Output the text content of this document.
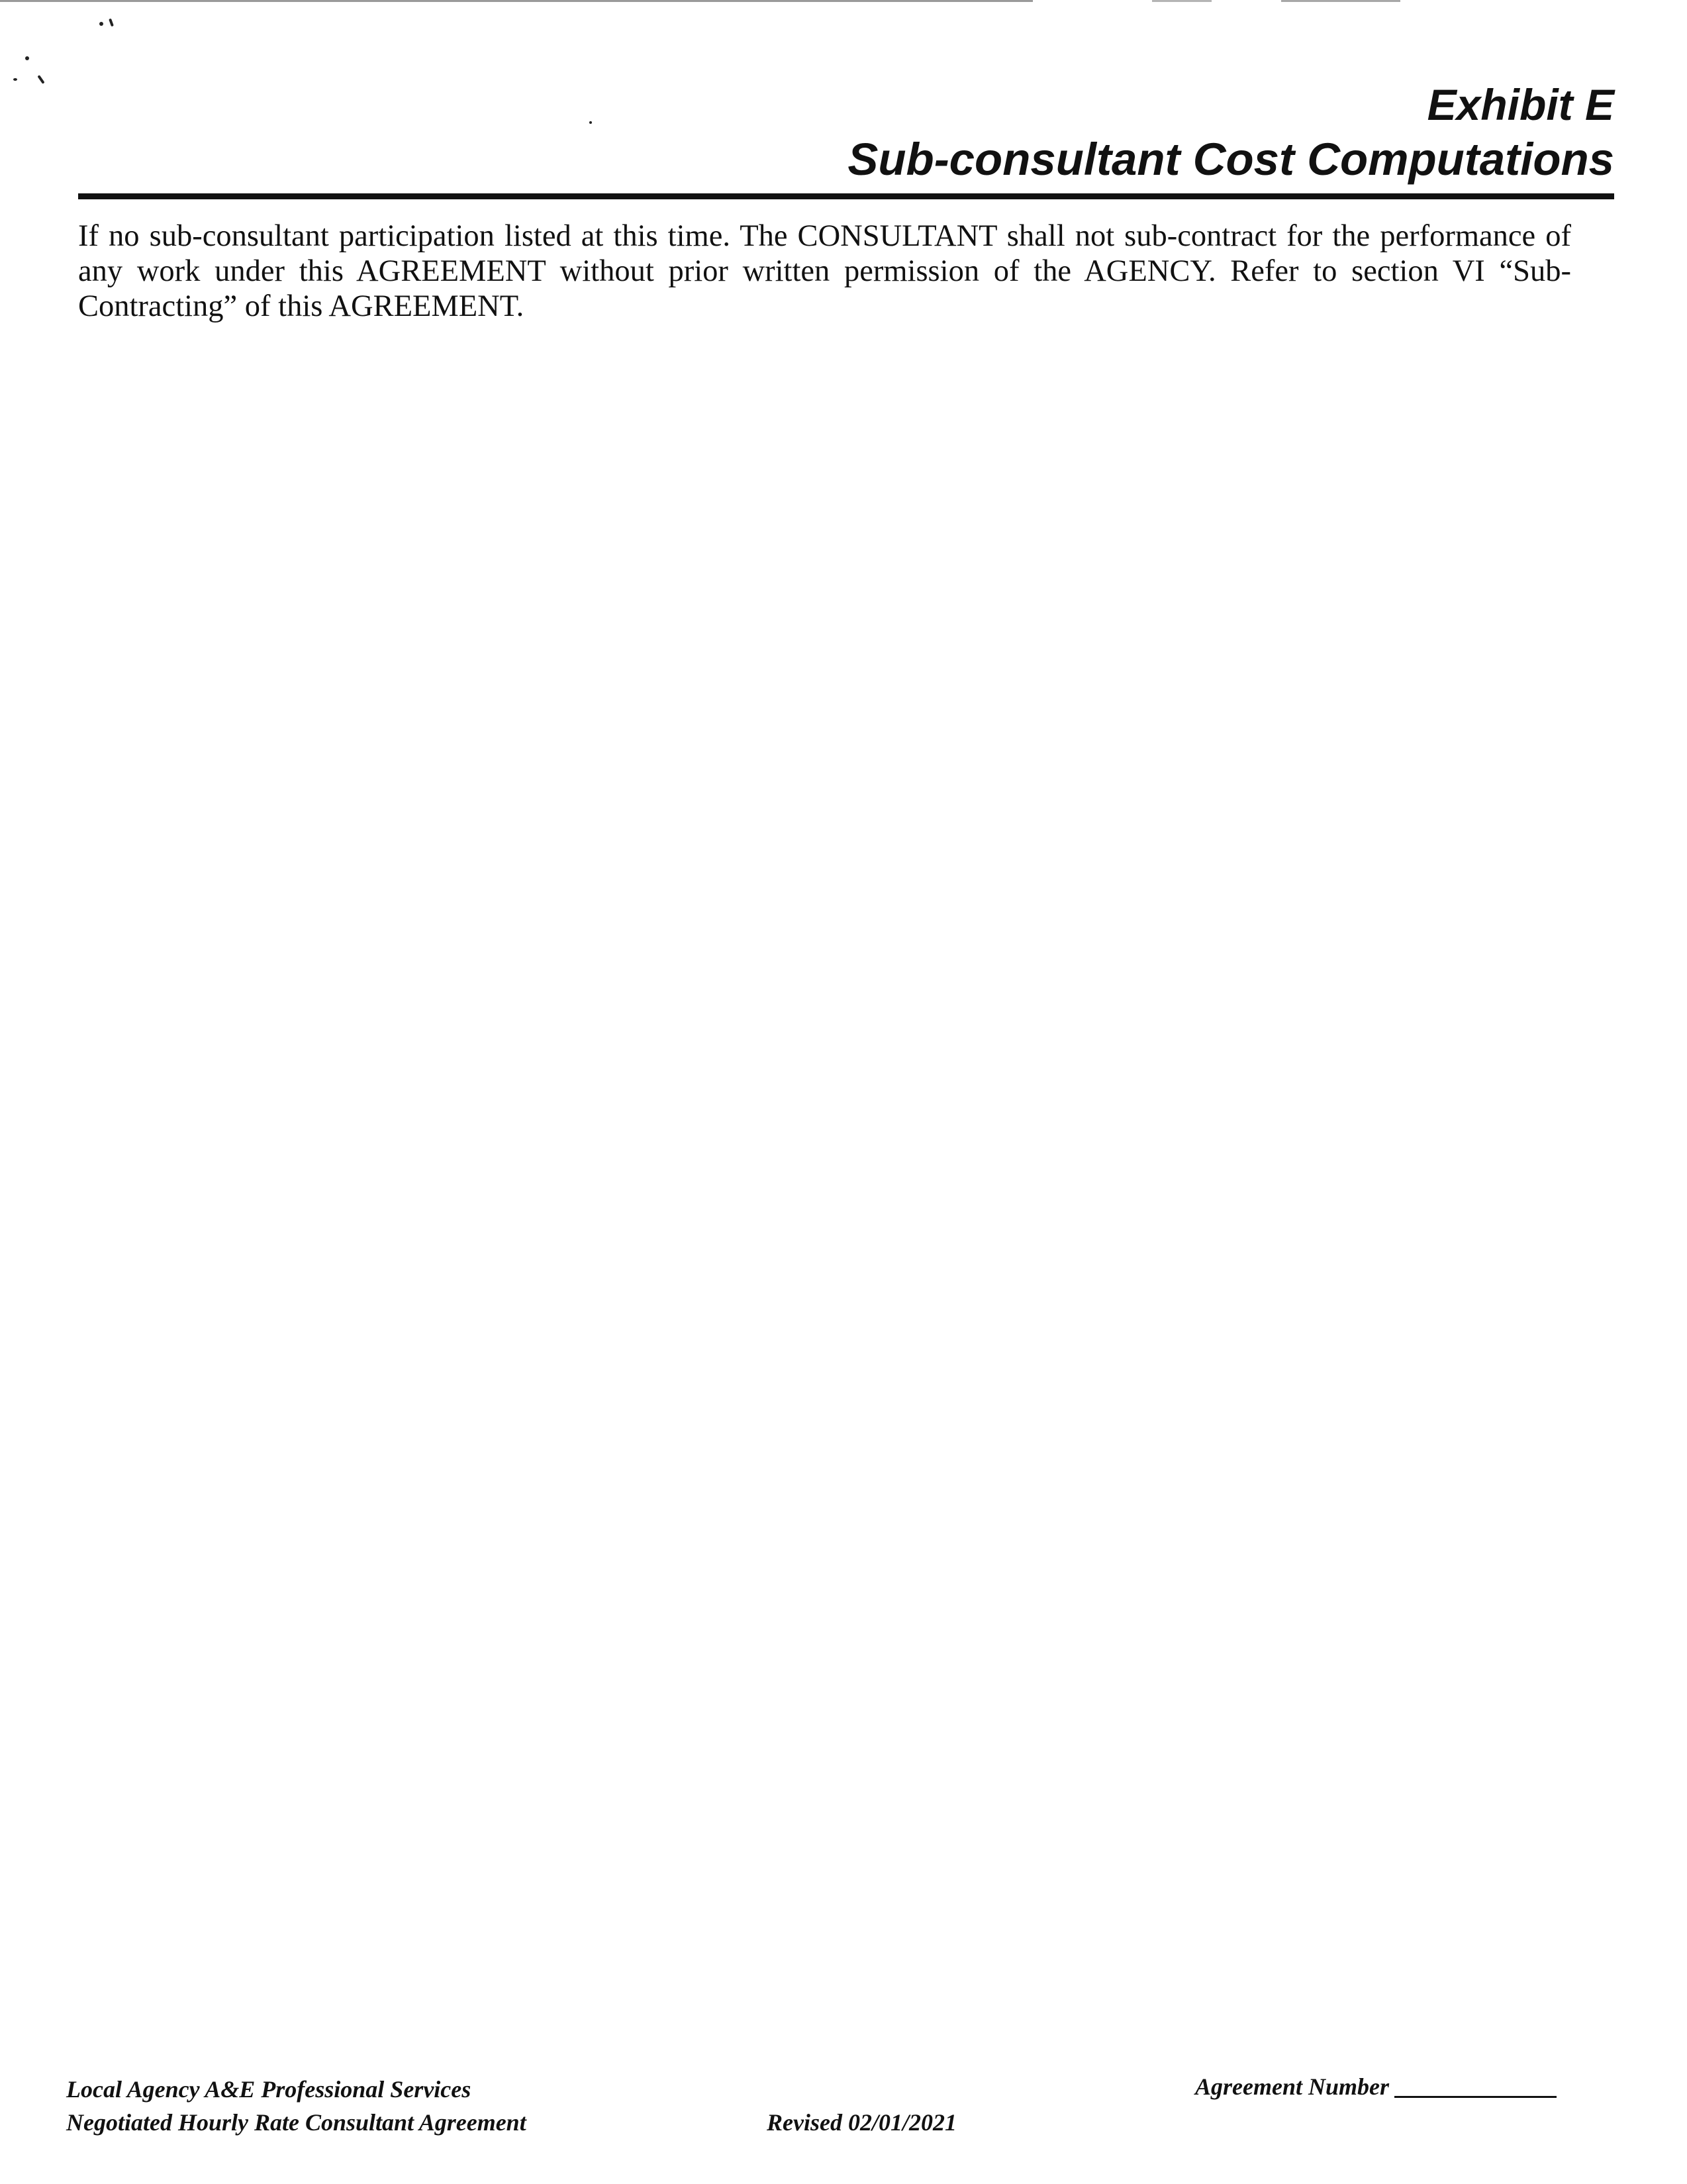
Exhibit E
Sub-consultant Cost Computations
If no sub-consultant participation listed at this time. The CONSULTANT shall not sub-contract for the performance of any work under this AGREEMENT without prior written permission of the AGENCY. Refer to section VI “Sub-Contracting” of this AGREEMENT.
Local Agency A&E Professional Services
Negotiated Hourly Rate Consultant Agreement	Revised 02/01/2021
Agreement Number
